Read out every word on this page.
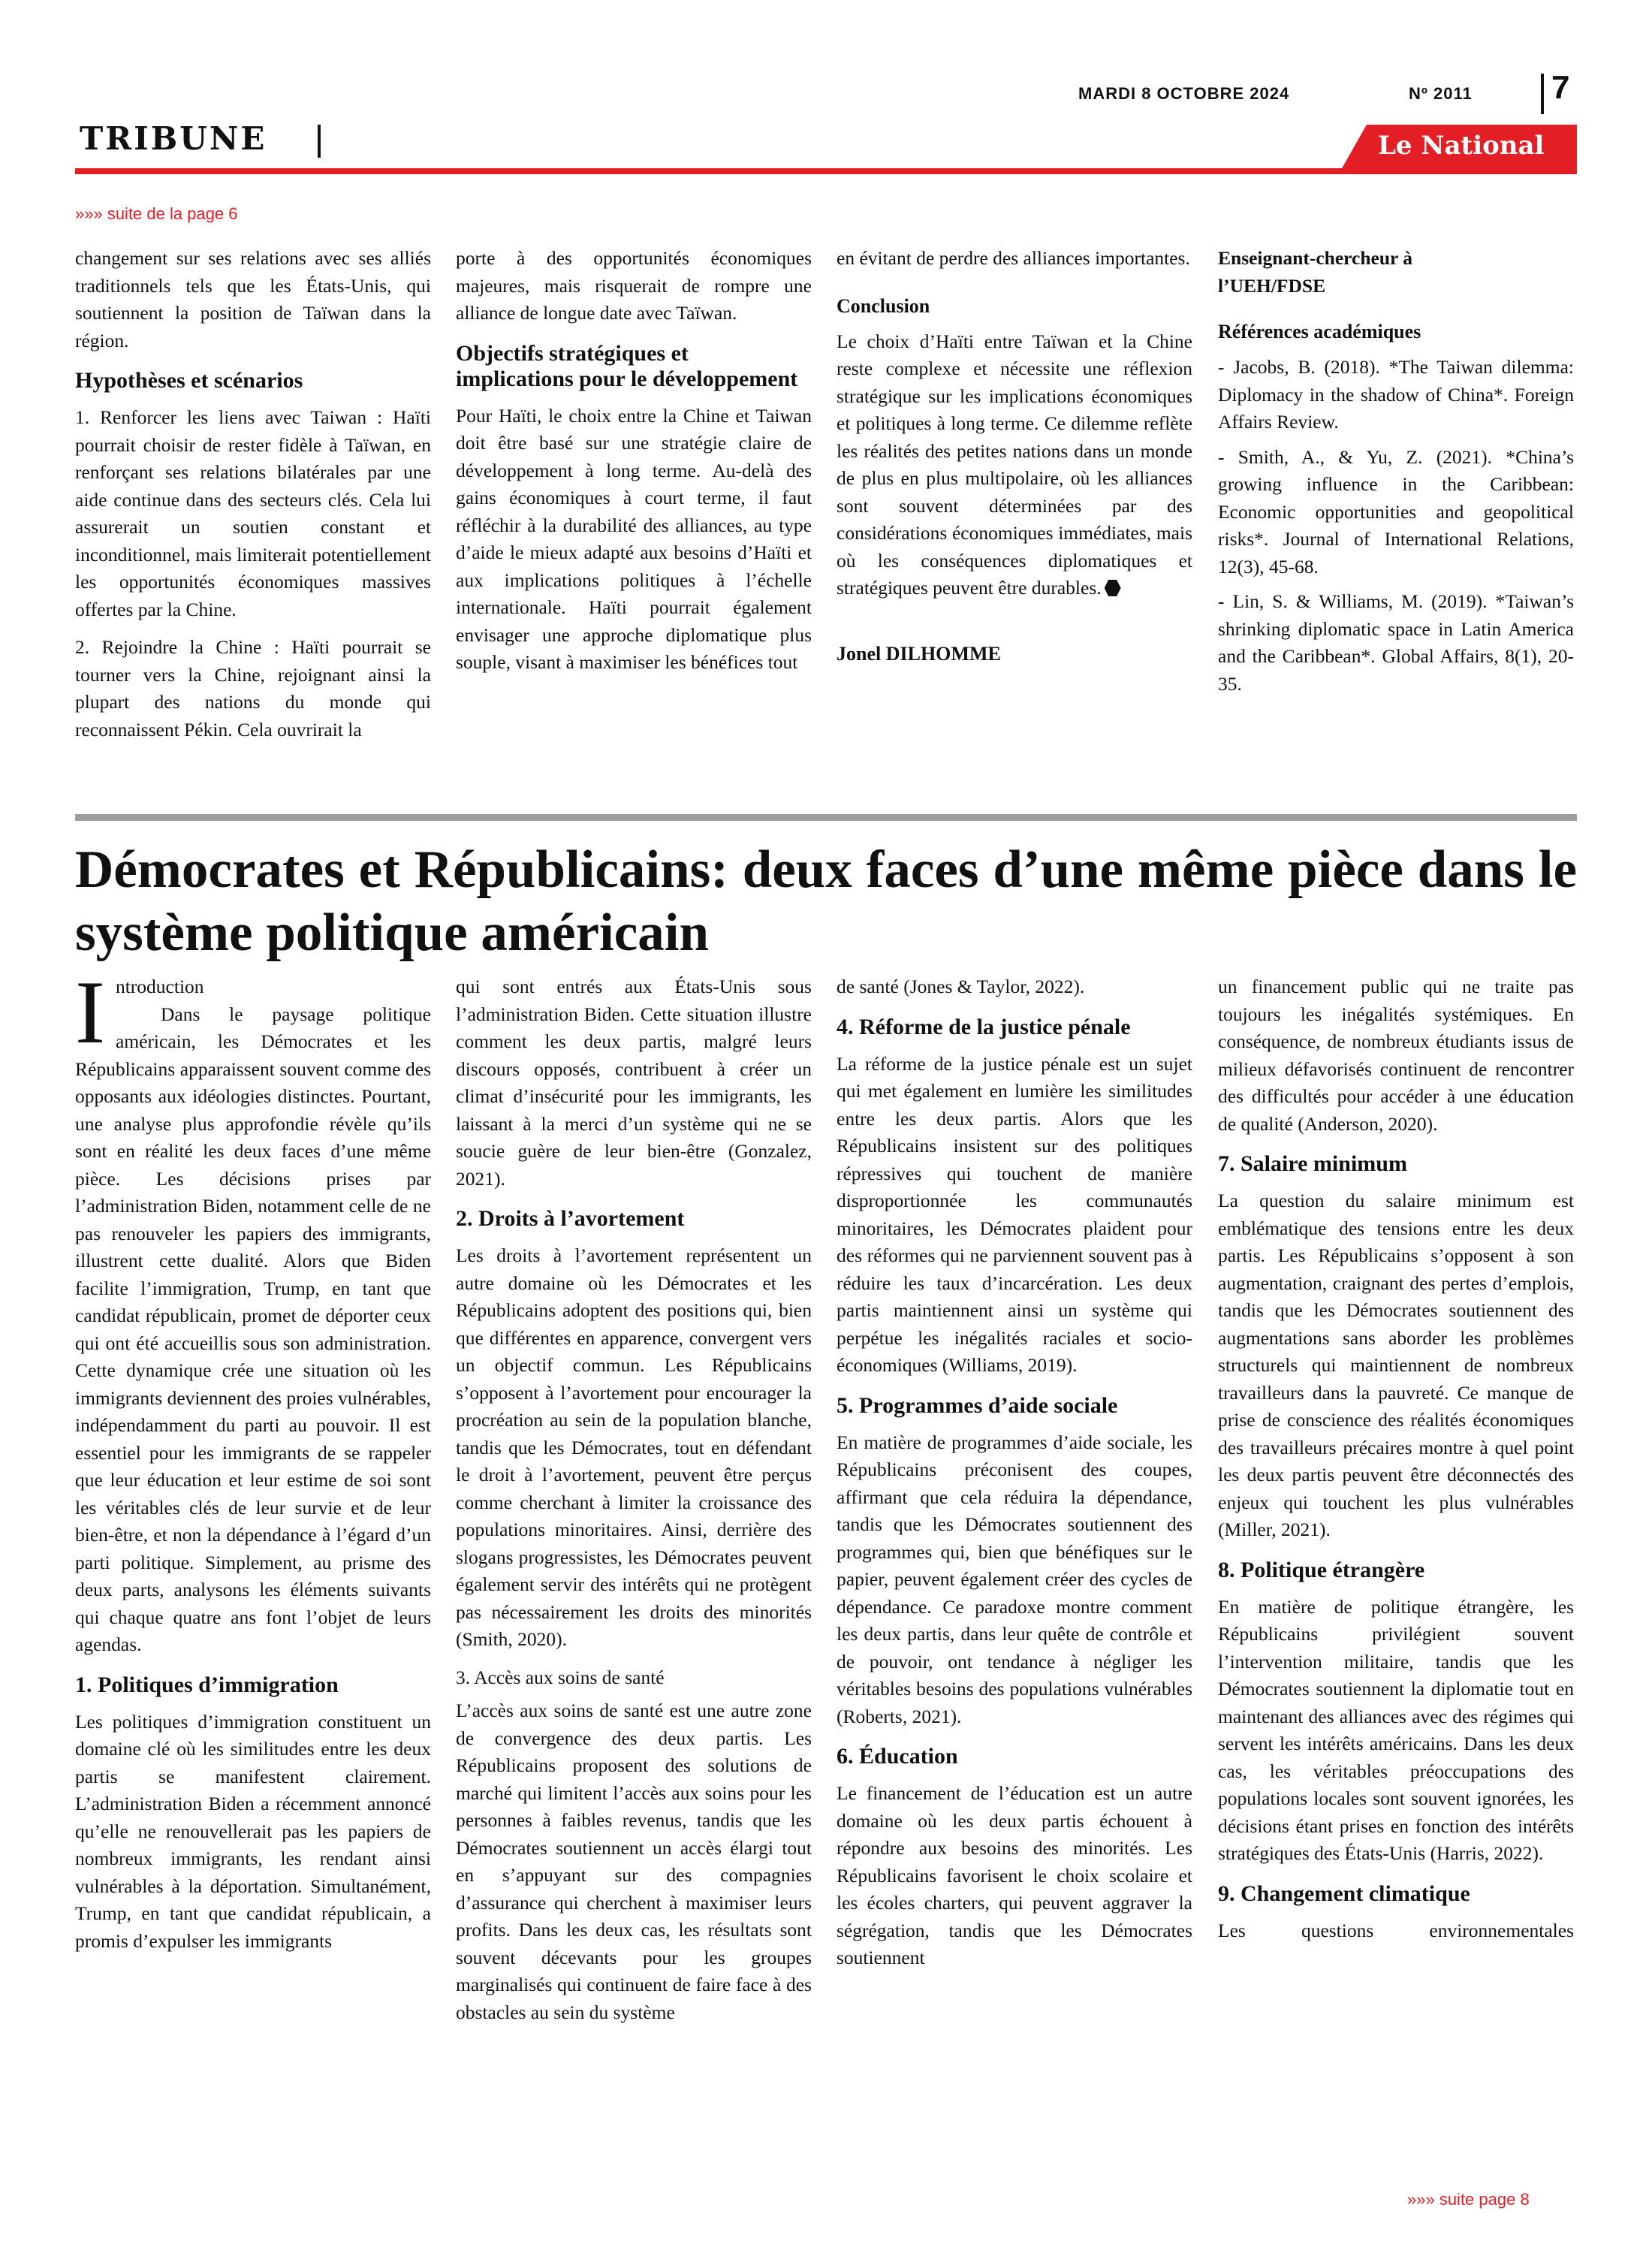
MARDI 8 OCTOBRE 2024	Nº 2011 7
TRIBUNE	Le National
»»» suite de la page 6

changement sur ses relations avec ses alliés traditionnels tels que les États-Unis, qui soutiennent la position de Taïwan dans la région.

Hypothèses et scénarios

1. Renforcer les liens avec Taiwan : Haïti pourrait choisir de rester fidèle à Taïwan, en renforçant ses relations bilatérales par une aide continue dans des secteurs clés. Cela lui assurerait un soutien constant et inconditionnel, mais limiterait potentiellement les opportunités économiques massives offertes par la Chine.

2. Rejoindre la Chine : Haïti pourrait se tourner vers la Chine, rejoignant ainsi la plupart des nations du monde qui reconnaissent Pékin. Cela ouvrirait la

porte à des opportunités économiques majeures, mais risquerait de rompre une alliance de longue date avec Taïwan.

Objectifs stratégiques et implications pour le développement

Pour Haïti, le choix entre la Chine et Taiwan doit être basé sur une stratégie claire de développement à long terme. Au-delà des gains économiques à court terme, il faut réfléchir à la durabilité des alliances, au type d’aide le mieux adapté aux besoins d’Haïti et aux implications politiques à l’échelle internationale. Haïti pourrait également envisager une approche diplomatique plus souple, visant à maximiser les bénéfices tout

en évitant de perdre des alliances importantes.

Conclusion

Le choix d’Haïti entre Taïwan et la Chine reste complexe et nécessite une réflexion stratégique sur les implications économiques et politiques à long terme. Ce dilemme reflète les réalités des petites nations dans un monde de plus en plus multipolaire, où les alliances sont souvent déterminées par des considérations économiques immédiates, mais où les conséquences diplomatiques et stratégiques peuvent être durables.

Jonel DILHOMME

Enseignant-chercheur à
l’UEH/FDSE

Références académiques

- Jacobs, B. (2018). *The Taiwan dilemma: Diplomacy in the shadow of China*. Foreign Affairs Review.

- Smith, A., & Yu, Z. (2021). *China’s growing influence in the Caribbean: Economic opportunities and geopolitical risks*. Journal of International Relations, 12(3), 45-68.

- Lin, S. & Williams, M. (2019). *Taiwan’s shrinking diplomatic space in Latin America and the Caribbean*. Global Affairs, 8(1), 20-35.

Démocrates et Républicains: deux faces d’une même pièce dans le système politique américain

Introduction

Dans le paysage politique américain, les Démocrates et les Républicains apparaissent souvent comme des opposants aux idéologies distinctes. Pourtant, une analyse plus approfondie révèle qu’ils sont en réalité les deux faces d’une même pièce. Les décisions prises par l’administration Biden, notamment celle de ne pas renouveler les papiers des immigrants, illustrent cette dualité. Alors que Biden facilite l’immigration, Trump, en tant que candidat républicain, promet de déporter ceux qui ont été accueillis sous son administration. Cette dynamique crée une situation où les immigrants deviennent des proies vulnérables, indépendamment du parti au pouvoir. Il est essentiel pour les immigrants de se rappeler que leur éducation et leur estime de soi sont les véritables clés de leur survie et de leur bien-être, et non la dépendance à l’égard d’un parti politique. Simplement, au prisme des deux parts, analysons les éléments suivants qui chaque quatre ans font l’objet de leurs agendas.

1. Politiques d’immigration

Les politiques d’immigration constituent un domaine clé où les similitudes entre les deux partis se manifestent clairement. L’administration Biden a récemment annoncé qu’elle ne renouvellerait pas les papiers de nombreux immigrants, les rendant ainsi vulnérables à la déportation. Simultanément, Trump, en tant que candidat républicain, a promis d’expulser les immigrants

qui sont entrés aux États-Unis sous l’administration Biden. Cette situation illustre comment les deux partis, malgré leurs discours opposés, contribuent à créer un climat d’insécurité pour les immigrants, les laissant à la merci d’un système qui ne se soucie guère de leur bien-être (Gonzalez, 2021).

2. Droits à l’avortement

Les droits à l’avortement représentent un autre domaine où les Démocrates et les Républicains adoptent des positions qui, bien que différentes en apparence, convergent vers un objectif commun. Les Républicains s’opposent à l’avortement pour encourager la procréation au sein de la population blanche, tandis que les Démocrates, tout en défendant le droit à l’avortement, peuvent être perçus comme cherchant à limiter la croissance des populations minoritaires. Ainsi, derrière des slogans progressistes, les Démocrates peuvent également servir des intérêts qui ne protègent pas nécessairement les droits des minorités (Smith, 2020).

3. Accès aux soins de santé

L’accès aux soins de santé est une autre zone de convergence des deux partis. Les Républicains proposent des solutions de marché qui limitent l’accès aux soins pour les personnes à faibles revenus, tandis que les Démocrates soutiennent un accès élargi tout en s’appuyant sur des compagnies d’assurance qui cherchent à maximiser leurs profits. Dans les deux cas, les résultats sont souvent décevants pour les groupes marginalisés qui continuent de faire face à des obstacles au sein du système

de santé (Jones & Taylor, 2022).

4. Réforme de la justice pénale

La réforme de la justice pénale est un sujet qui met également en lumière les similitudes entre les deux partis. Alors que les Républicains insistent sur des politiques répressives qui touchent de manière disproportionnée les communautés minoritaires, les Démocrates plaident pour des réformes qui ne parviennent souvent pas à réduire les taux d’incarcération. Les deux partis maintiennent ainsi un système qui perpétue les inégalités raciales et socio-économiques (Williams, 2019).

5. Programmes d’aide sociale

En matière de programmes d’aide sociale, les Républicains préconisent des coupes, affirmant que cela réduira la dépendance, tandis que les Démocrates soutiennent des programmes qui, bien que bénéfiques sur le papier, peuvent également créer des cycles de dépendance. Ce paradoxe montre comment les deux partis, dans leur quête de contrôle et de pouvoir, ont tendance à négliger les véritables besoins des populations vulnérables (Roberts, 2021).

6. Éducation

Le financement de l’éducation est un autre domaine où les deux partis échouent à répondre aux besoins des minorités. Les Républicains favorisent le choix scolaire et les écoles charters, qui peuvent aggraver la ségrégation, tandis que les Démocrates soutiennent

un financement public qui ne traite pas toujours les inégalités systémiques. En conséquence, de nombreux étudiants issus de milieux défavorisés continuent de rencontrer des difficultés pour accéder à une éducation de qualité (Anderson, 2020).

7. Salaire minimum

La question du salaire minimum est emblématique des tensions entre les deux partis. Les Républicains s’opposent à son augmentation, craignant des pertes d’emplois, tandis que les Démocrates soutiennent des augmentations sans aborder les problèmes structurels qui maintiennent de nombreux travailleurs dans la pauvreté. Ce manque de prise de conscience des réalités économiques des travailleurs précaires montre à quel point les deux partis peuvent être déconnectés des enjeux qui touchent les plus vulnérables (Miller, 2021).

8. Politique étrangère

En matière de politique étrangère, les Républicains privilégient souvent l’intervention militaire, tandis que les Démocrates soutiennent la diplomatie tout en maintenant des alliances avec des régimes qui servent les intérêts américains. Dans les deux cas, les véritables préoccupations des populations locales sont souvent ignorées, les décisions étant prises en fonction des intérêts stratégiques des États-Unis (Harris, 2022).

9. Changement climatique

Les questions environnementales

»»» suite page 8
